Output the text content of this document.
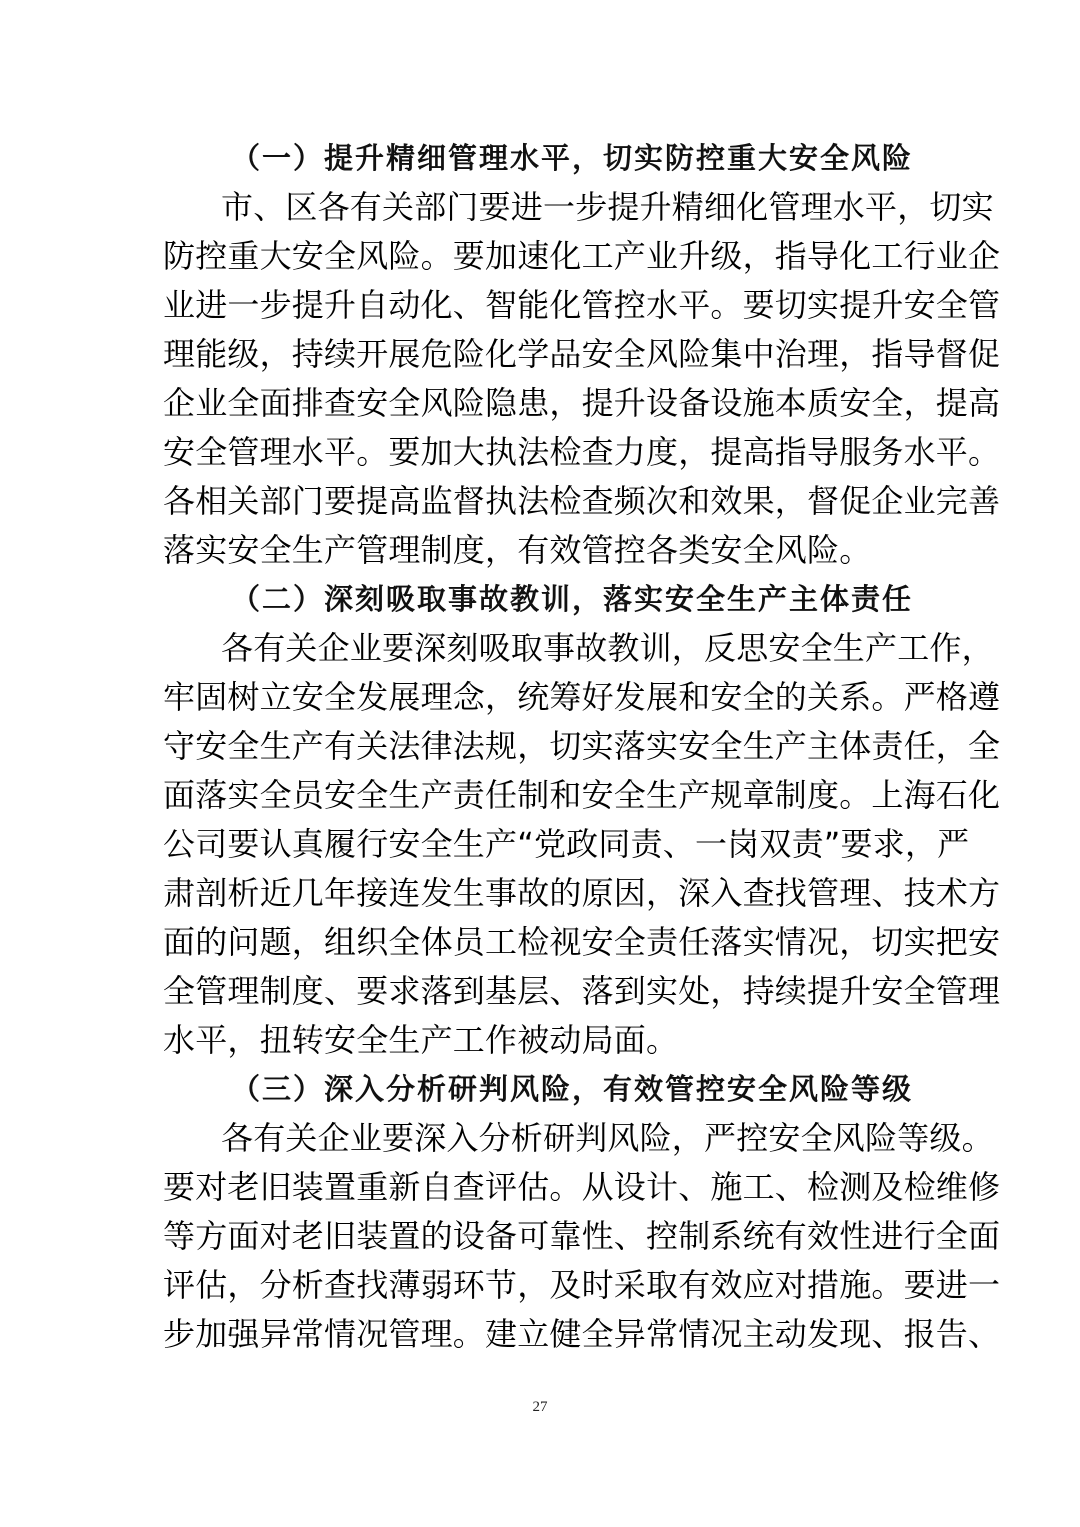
（一）提升精细管理水平，切实防控重大安全风险
市、区各有关部门要进一步提升精细化管理水平，切实
防控重大安全风险。要加速化工产业升级，指导化工行业企
业进一步提升自动化、智能化管控水平。要切实提升安全管
理能级，持续开展危险化学品安全风险集中治理，指导督促
企业全面排查安全风险隐患，提升设备设施本质安全，提高
安全管理水平。要加大执法检查力度，提高指导服务水平。
各相关部门要提高监督执法检查频次和效果，督促企业完善
落实安全生产管理制度，有效管控各类安全风险。
（二）深刻吸取事故教训，落实安全生产主体责任
各有关企业要深刻吸取事故教训，反思安全生产工作，
牢固树立安全发展理念，统筹好发展和安全的关系。严格遵
守安全生产有关法律法规，切实落实安全生产主体责任，全
面落实全员安全生产责任制和安全生产规章制度。上海石化
公司要认真履行安全生产“党政同责、一岗双责”要求，严
肃剖析近几年接连发生事故的原因，深入查找管理、技术方
面的问题，组织全体员工检视安全责任落实情况，切实把安
全管理制度、要求落到基层、落到实处，持续提升安全管理
水平，扭转安全生产工作被动局面。
（三）深入分析研判风险，有效管控安全风险等级
各有关企业要深入分析研判风险，严控安全风险等级。
要对老旧装置重新自查评估。从设计、施工、检测及检维修
等方面对老旧装置的设备可靠性、控制系统有效性进行全面
评估，分析查找薄弱环节，及时采取有效应对措施。要进一
步加强异常情况管理。建立健全异常情况主动发现、报告、
27
